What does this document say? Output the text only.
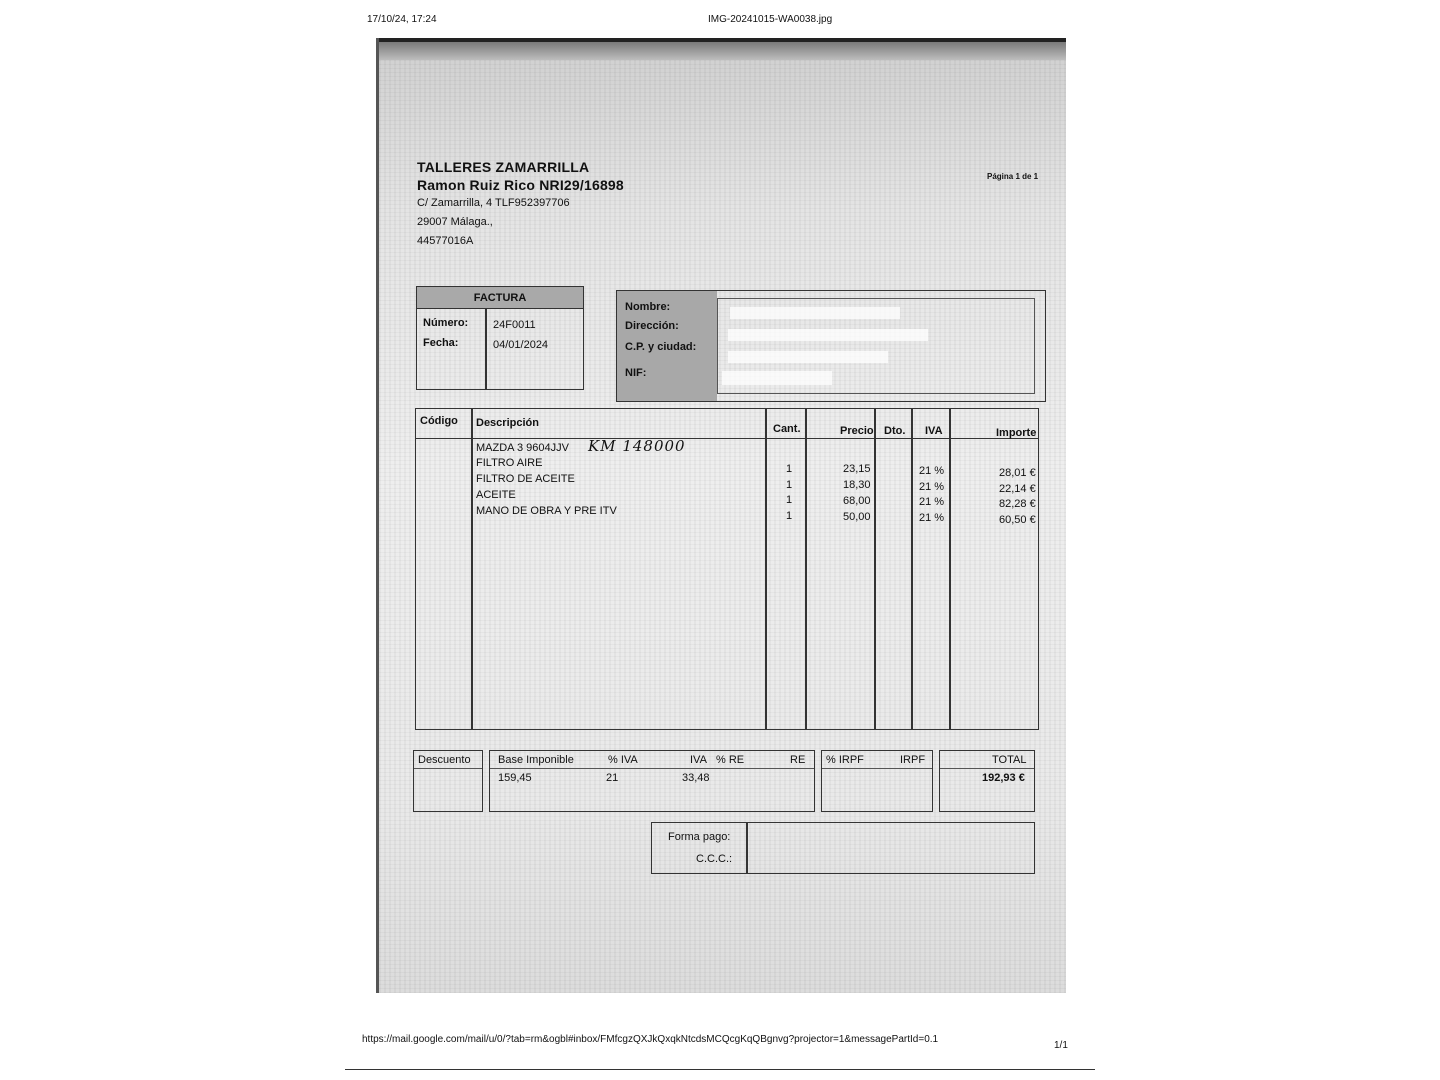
17/10/24, 17:24	IMG-20241015-WA0038.jpg
TALLERES ZAMARRILLA
Ramon Ruiz Rico NRI29/16898
C/ Zamarrilla, 4 TLF952397706
29007 Málaga.,
44577016A
Página 1 de 1
FACTURA
Número: 24F0011
Fecha:	04/01/2024
Nombre:
Dirección:
C.P. y ciudad:
NIF:
Código Descripción	Cant.	Precio Dto. IVA	Importe
MAZDA 3 9604JJV KM 148000
FILTRO AIRE	1	23,15	21 %	28,01 €
FILTRO DE ACEITE	1	18,30	21 %	22,14 €
ACEITE	1	68,00	21 %	82,28 €
MANO DE OBRA Y PRE ITV	1	50,00	21 %	60,50 €
Descuento Base Imponible	% IVA	IVA % RE	RE
159,45	21	33,48
% IRPF	IRPF	TOTAL
192,93 €
Forma pago:
C.C.C.:
https://mail.google.com/mail/u/0/?tab=rm&ogbl#inbox/FMfcgzQXJkQxqkNtcdsMCQcgKqQBgnvg?projector=1&messagePartId=0.1
1/1
